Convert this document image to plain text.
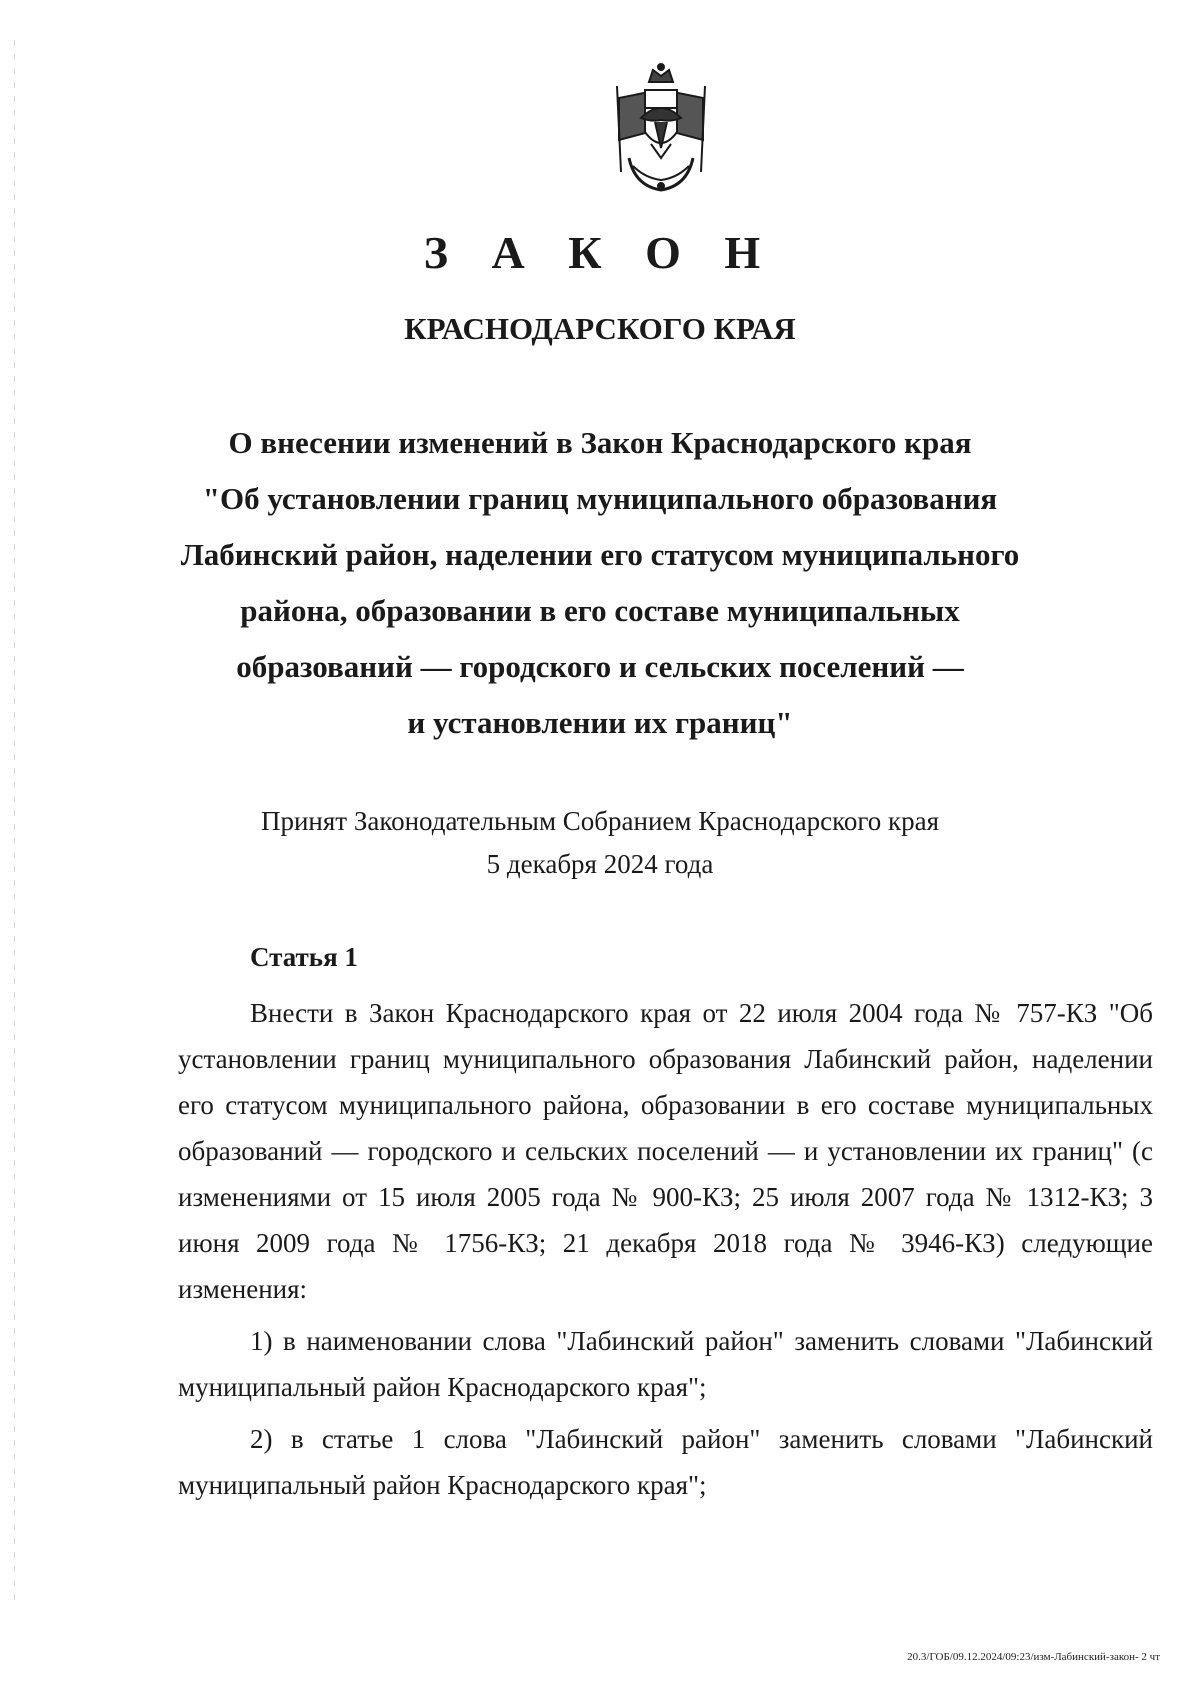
З А К О Н
КРАСНОДАРСКОГО КРАЯ
О внесении изменений в Закон Краснодарского края
"Об установлении границ муниципального образования
Лабинский район, наделении его статусом муниципального
района, образовании в его составе муниципальных
образований — городского и сельских поселений —
и установлении их границ"
Принят Законодательным Собранием Краснодарского края
5 декабря 2024 года
Статья 1

Внести в Закон Краснодарского края от 22 июля 2004 года № 757-КЗ "Об установлении границ муниципального образования Лабинский район, наделении его статусом муниципального района, образовании в его составе муниципальных образований — городского и сельских поселений — и установлении их границ" (с изменениями от 15 июля 2005 года № 900-КЗ; 25 июля 2007 года № 1312-КЗ; 3 июня 2009 года № 1756-КЗ; 21 декабря 2018 года № 3946-КЗ) следующие изменения:

1) в наименовании слова "Лабинский район" заменить словами "Лабинский муниципальный район Краснодарского края";

2) в статье 1 слова "Лабинский район" заменить словами "Лабинский муниципальный район Краснодарского края";

20.3/ГОБ/09.12.2024/09:23/изм-Лабинский-закон- 2 чт
